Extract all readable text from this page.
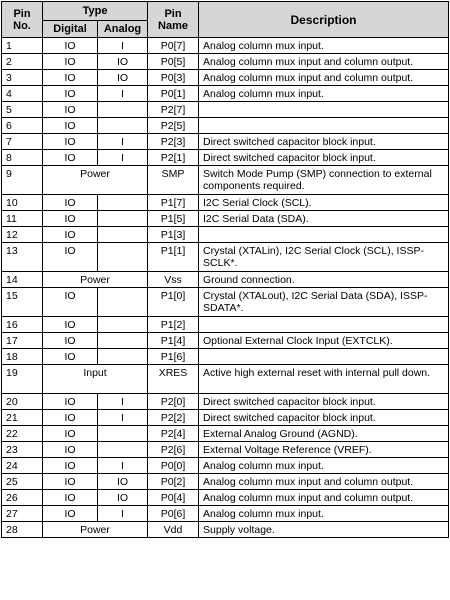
Pin No.	Type		Pin Name	Description
	Digital	Analog		
1	IO	I	P0[7]	Analog column mux input.
2	IO	IO	P0[5]	Analog column mux input and column output.
3	IO	IO	P0[3]	Analog column mux input and column output.
4	IO	I	P0[1]	Analog column mux input.
5	IO		P2[7]	
6	IO		P2[5]	
7	IO	I	P2[3]	Direct switched capacitor block input.
8	IO	I	P2[1]	Direct switched capacitor block input.
9	Power		SMP	Switch Mode Pump (SMP) connection to external components required.
10	IO		P1[7]	I2C Serial Clock (SCL).
11	IO		P1[5]	I2C Serial Data (SDA).
12	IO		P1[3]	
13	IO		P1[1]	Crystal (XTALin), I2C Serial Clock (SCL), ISSP-SCLK*.
14	Power		Vss	Ground connection.
15	IO		P1[0]	Crystal (XTALout), I2C Serial Data (SDA), ISSP-SDATA*.
16	IO		P1[2]	
17	IO		P1[4]	Optional External Clock Input (EXTCLK).
18	IO		P1[6]	
19	Input		XRES	Active high external reset with internal pull down.
20	IO	I	P2[0]	Direct switched capacitor block input.
21	IO	I	P2[2]	Direct switched capacitor block input.
22	IO		P2[4]	External Analog Ground (AGND).
23	IO		P2[6]	External Voltage Reference (VREF).
24	IO	I	P0[0]	Analog column mux input.
25	IO	IO	P0[2]	Analog column mux input and column output.
26	IO	IO	P0[4]	Analog column mux input and column output.
27	IO	I	P0[6]	Analog column mux input.
28	Power		Vdd	Supply voltage.
